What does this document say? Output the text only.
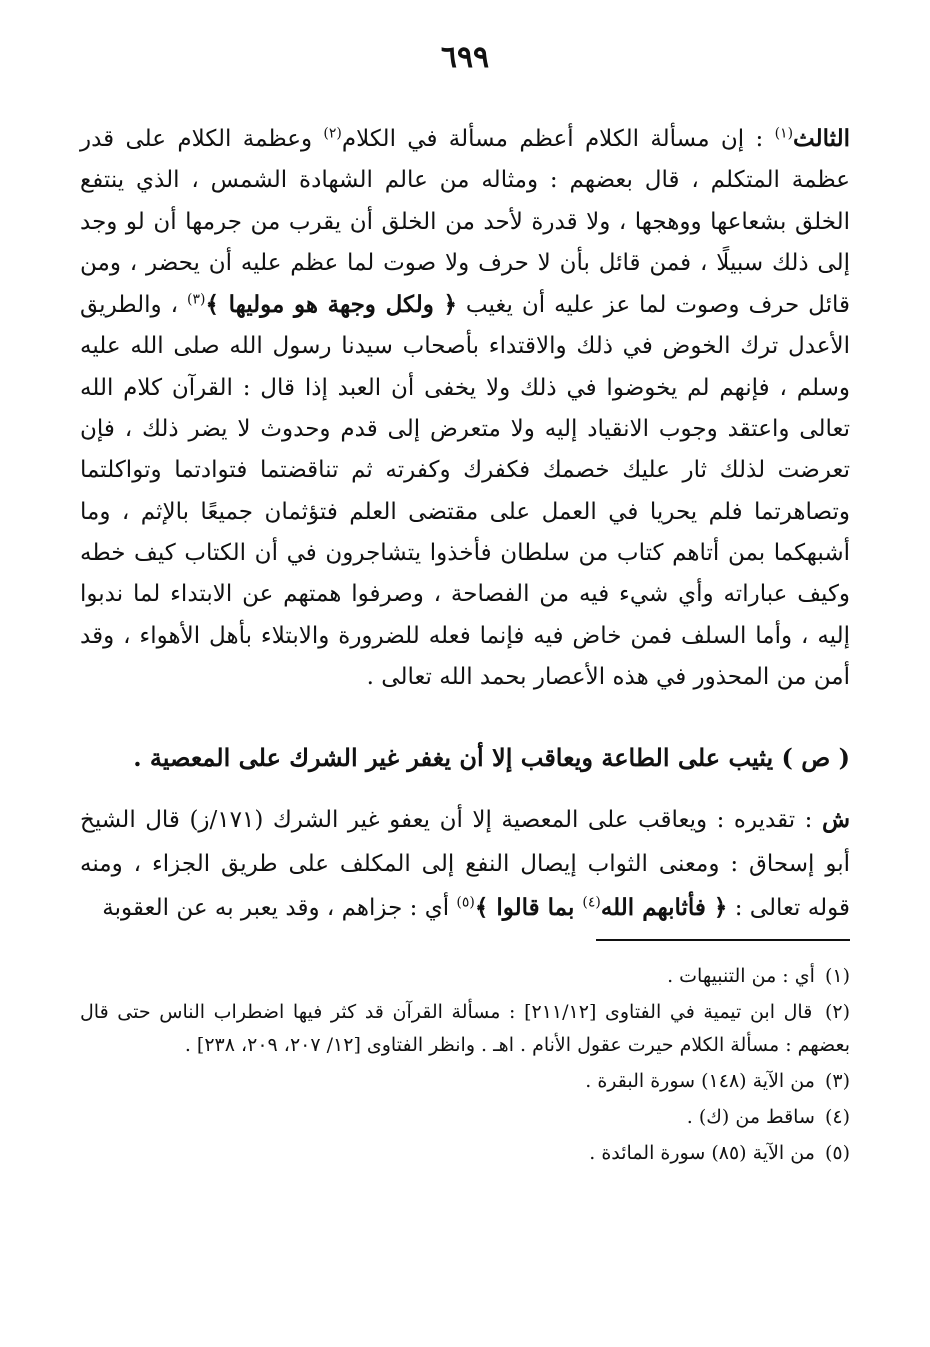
٦٩٩

الثالث$^{(١)}$ : إن مسألة الكلام أعظم مسألة في الكلام$^{(٢)}$ وعظمة الكلام على قدر عظمة المتكلم ، قال بعضهم : ومثاله من عالم الشهادة الشمس ، الذي ينتفع الخلق بشعاعها ووهجها ، ولا قدرة لأحد من الخلق أن يقرب من جرمها أن لو وجد إلى ذلك سبيلًا ، فمن قائل بأن لا حرف ولا صوت لما عظم عليه أن يحضر ، ومن قائل حرف وصوت لما عز عليه أن يغيب ﴿ ولكل وجهة هو موليها ﴾$^{(٣)}$ ، والطريق الأعدل ترك الخوض في ذلك والاقتداء بأصحاب سيدنا رسول الله صلى الله عليه وسلم ، فإنهم لم يخوضوا في ذلك ولا يخفى أن العبد إذا قال : القرآن كلام الله تعالى واعتقد وجوب الانقياد إليه ولا متعرض إلى قدم وحدوث لا يضر ذلك ، فإن تعرضت لذلك ثار عليك خصمك فكفرك وكفرته ثم تناقضتما فتوادتما وتواكلتما وتصاهرتما فلم يحريا في العمل على مقتضى العلم فتؤثمان جميعًا بالإثم ، وما أشبهكما بمن أتاهم كتاب من سلطان فأخذوا يتشاجرون في أن الكتاب كيف خطه وكيف عباراته وأي شيء فيه من الفصاحة ، وصرفوا همتهم عن الابتداء لما ندبوا إليه ، وأما السلف فمن خاض فيه فإنما فعله للضرورة والابتلاء بأهل الأهواء ، وقد أمن من المحذور في هذه الأعصار بحمد الله تعالى .

( ص ) يثيب على الطاعة ويعاقب إلا أن يغفر غير الشرك على المعصية .

ش : تقديره : ويعاقب على المعصية إلا أن يعفو غير الشرك (١٧١/ز) قال الشيخ أبو إسحاق : ومعنى الثواب إيصال النفع إلى المكلف على طريق الجزاء ، ومنه قوله تعالى : ﴿ فأثابهم الله$^{(٤)}$ بما قالوا ﴾$^{(٥)}$ أي : جزاهم ، وقد يعبر به عن العقوبة

(١) أي : من التنبيهات .

(٢) قال ابن تيمية في الفتاوى [٢١١/١٢] : مسألة القرآن قد كثر فيها اضطراب الناس حتى قال بعضهم : مسألة الكلام حيرت عقول الأنام . اهـ . وانظر الفتاوى [١٢/ ٢٠٧، ٢٠٩، ٢٣٨] .

(٣) من الآية (١٤٨) سورة البقرة .

(٤) ساقط من (ك) .

(٥) من الآية (٨٥) سورة المائدة .
